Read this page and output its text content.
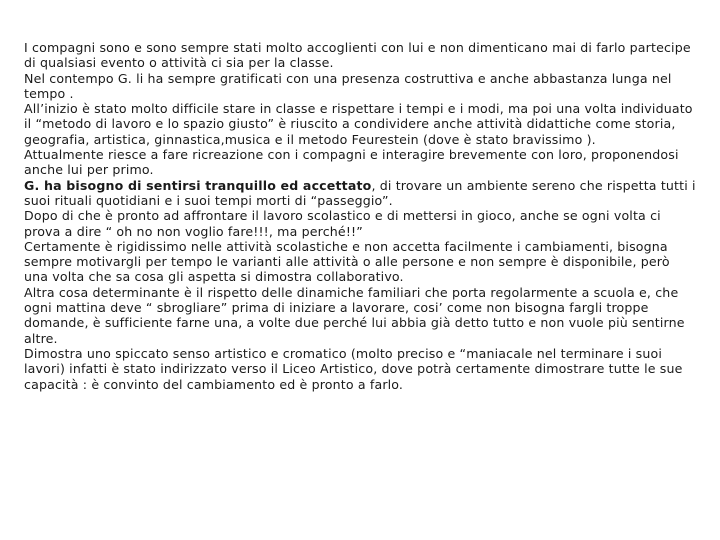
I compagni sono e sono sempre stati molto accoglienti con lui e non dimenticano mai di farlo partecipe di qualsiasi evento o attività ci sia per la classe.

Nel contempo G. li ha sempre gratificati con una presenza costruttiva e anche abbastanza lunga nel tempo .

All’inizio è stato molto difficile stare in classe e rispettare i tempi e i modi, ma poi una volta individuato il “metodo di lavoro e lo spazio giusto” è riuscito a condividere anche attività didattiche come storia, geografia, artistica, ginnastica,musica e il metodo Feurestein (dove è stato bravissimo ).

Attualmente riesce a fare ricreazione con i compagni e interagire brevemente con loro, proponendosi anche lui per primo.

G. ha bisogno di sentirsi tranquillo ed accettato, di trovare un ambiente sereno che rispetta tutti i suoi rituali quotidiani e i suoi tempi morti di “passeggio”.

Dopo di che è pronto ad affrontare il lavoro scolastico e di mettersi in gioco, anche se ogni volta ci prova a dire “ oh no non voglio fare!!!, ma perché!!”

Certamente è rigidissimo nelle attività scolastiche e non accetta facilmente i cambiamenti, bisogna sempre motivargli per tempo le varianti alle attività o alle persone e non sempre è disponibile, però una volta che sa cosa gli aspetta si dimostra collaborativo.

Altra cosa determinante è il rispetto delle dinamiche familiari che porta regolarmente a scuola e, che ogni mattina deve “ sbrogliare” prima di iniziare a lavorare, cosi’ come non bisogna fargli troppe domande, è sufficiente farne una, a volte due perché lui abbia già detto tutto e non vuole più sentirne altre.

Dimostra uno spiccato senso artistico e cromatico (molto preciso e “maniacale nel terminare i suoi lavori) infatti è stato indirizzato verso il Liceo Artistico, dove potrà certamente dimostrare tutte le sue capacità : è convinto del cambiamento ed è pronto a farlo.
